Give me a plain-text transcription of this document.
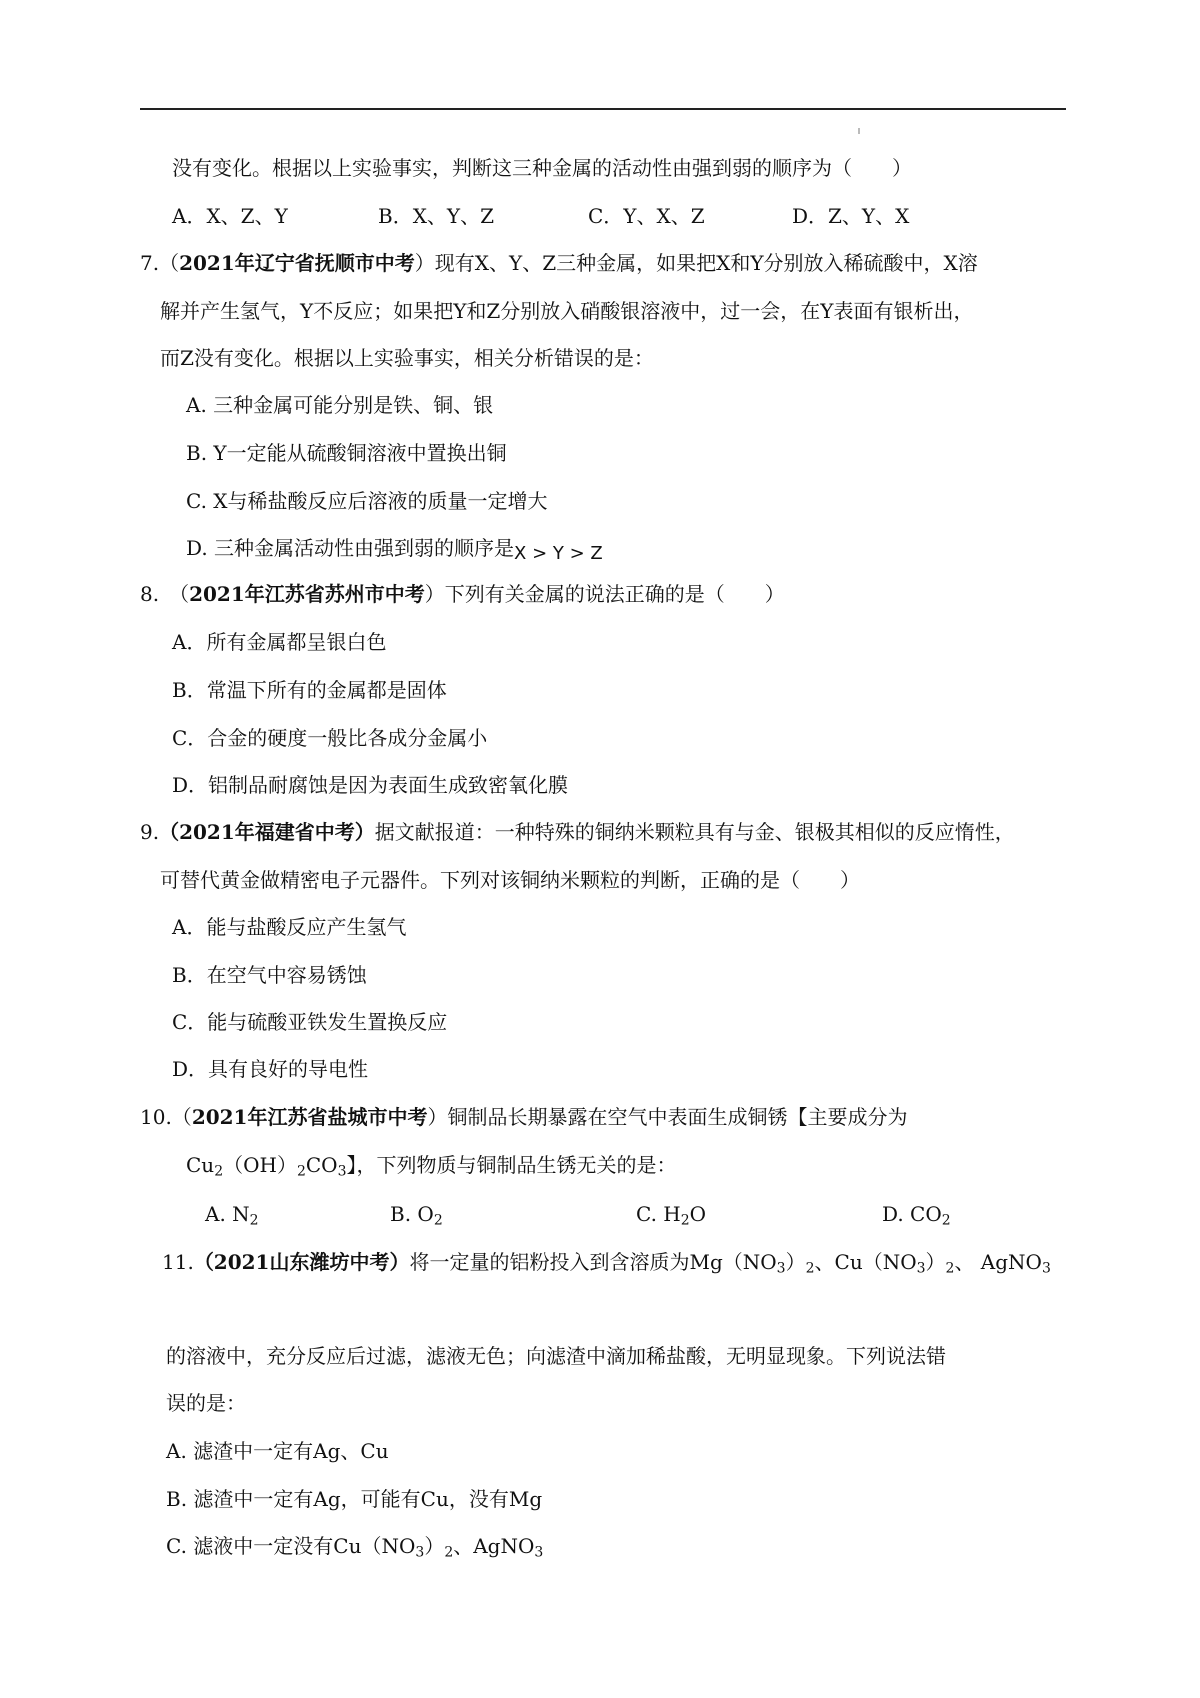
没有变化。根据以上实验事实，判断这三种金属的活动性由强到弱的顺序为（　　）
A．X、Z、Y	B．X、Y、Z	C．Y、X、Z	D．Z、Y、X
7.（2021年辽宁省抚顺市中考）现有X、Y、Z三种金属，如果把X和Y分别放入稀硫酸中，X溶
解并产生氢气，Y不反应；如果把Y和Z分别放入硝酸银溶液中，过一会，在Y表面有银析出，
而Z没有变化。根据以上实验事实，相关分析错误的是：
A. 三种金属可能分别是铁、铜、银
B. Y一定能从硫酸铜溶液中置换出铜
C. X与稀盐酸反应后溶液的质量一定增大
D. 三种金属活动性由强到弱的顺序是X > Y > Z
8.　（2021年江苏省苏州市中考）下列有关金属的说法正确的是（　　）
A．所有金属都呈银白色
B．常温下所有的金属都是固体
C．合金的硬度一般比各成分金属小
D．铝制品耐腐蚀是因为表面生成致密氧化膜
9.（2021年福建省中考）据文献报道：一种特殊的铜纳米颗粒具有与金、银极其相似的反应惰性，
可替代黄金做精密电子元器件。下列对该铜纳米颗粒的判断，正确的是（　　）
A．能与盐酸反应产生氢气
B．在空气中容易锈蚀
C．能与硫酸亚铁发生置换反应
D．具有良好的导电性
10.（2021年江苏省盐城市中考）铜制品长期暴露在空气中表面生成铜锈【主要成分为
$Cu_2(OH)_2CO_3$】，下列物质与铜制品生锈无关的是：
A. $N_2$	B. $O_2$	C. $H_2O$	D. $CO_2$
11.（2021山东潍坊中考）将一定量的铝粉投入到含溶质为$Mg(NO_3)_2$、$Cu(NO_3)_2$、 AgNO$_3$
的溶液中，充分反应后过滤，滤液无色；向滤渣中滴加稀盐酸，无明显现象。下列说法错
误的是：
A. 滤渣中一定有Ag、Cu
B. 滤渣中一定有Ag，可能有Cu，没有Mg
C. 滤液中一定没有$Cu(NO_3)_2$、AgNO$_3$
